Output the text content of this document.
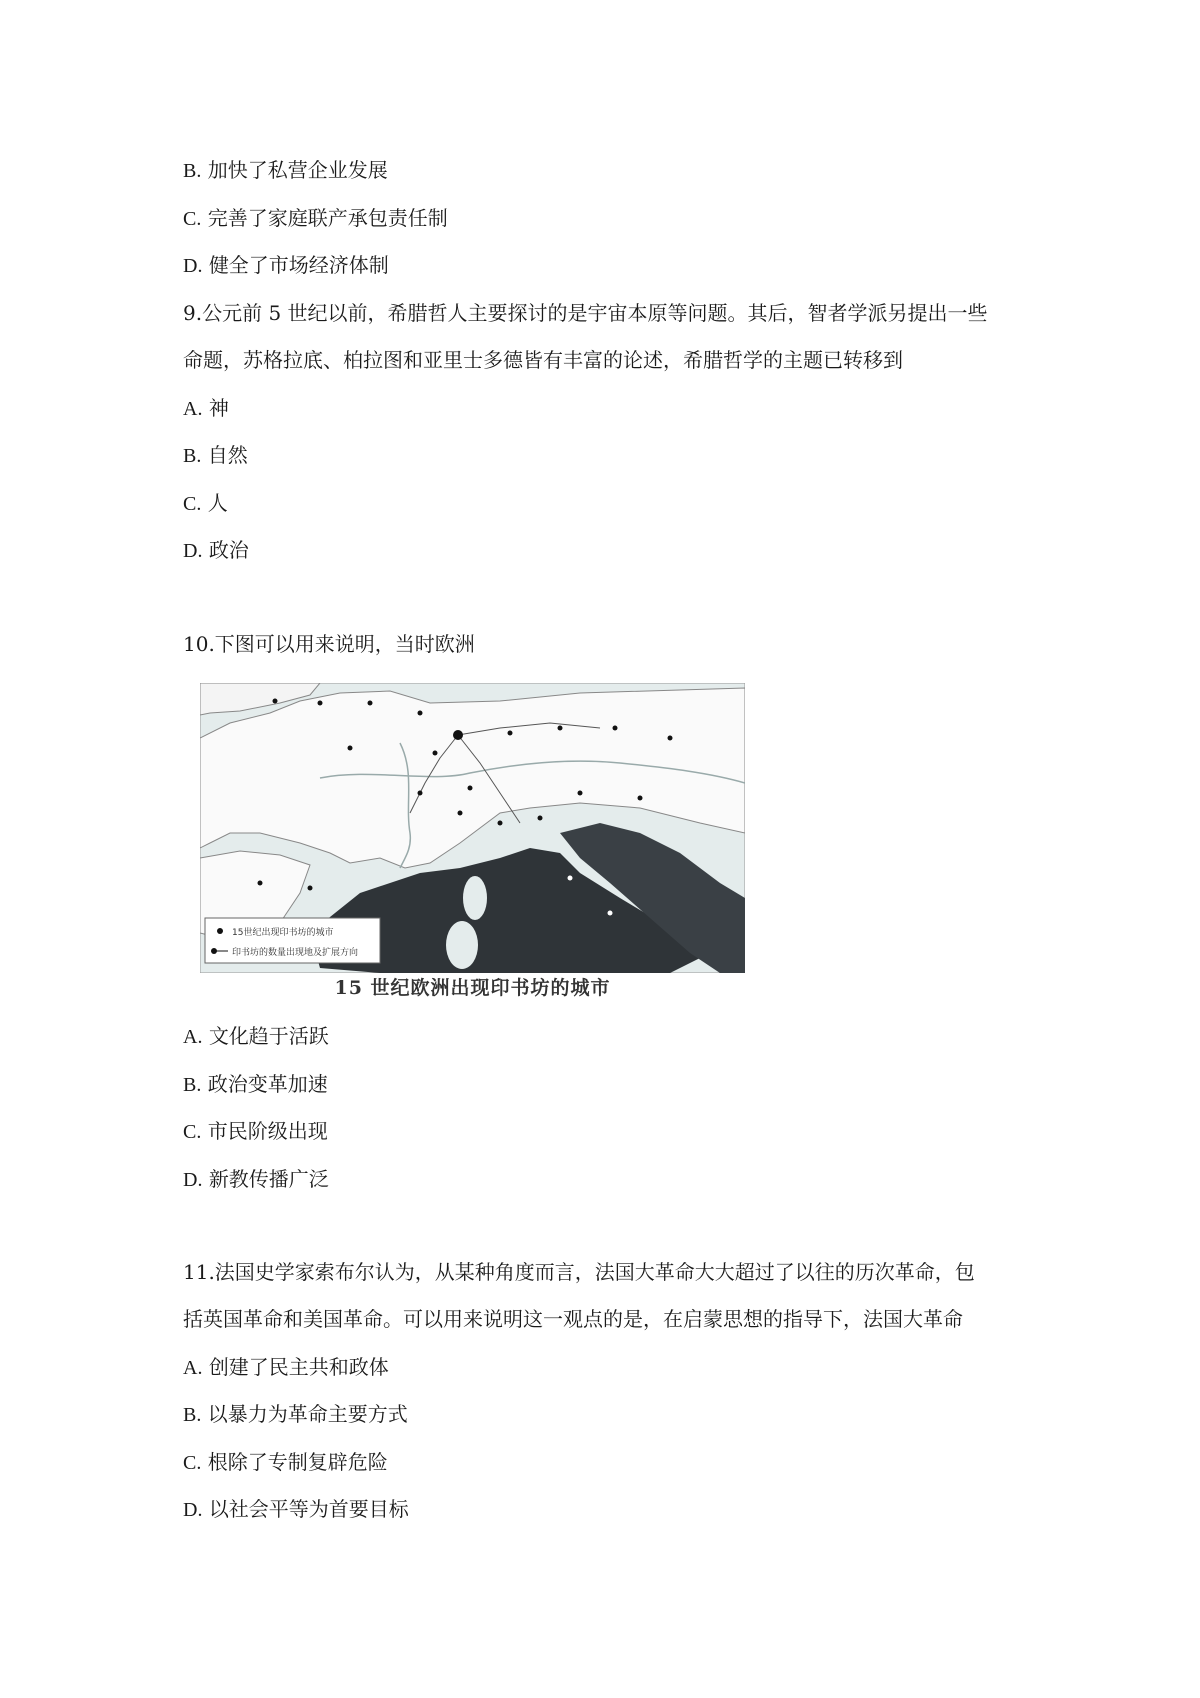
B. 加快了私营企业发展
C. 完善了家庭联产承包责任制
D. 健全了市场经济体制
9.公元前 5 世纪以前，希腊哲人主要探讨的是宇宙本原等问题。其后，智者学派另提出一些
命题，苏格拉底、柏拉图和亚里士多德皆有丰富的论述，希腊哲学的主题已转移到
A. 神
B. 自然
C. 人
D. 政治
10.下图可以用来说明，当时欧洲
15世纪出现印书坊的城市
印书坊的数量出现地及扩展方向
15 世纪欧洲出现印书坊的城市
A. 文化趋于活跃
B. 政治变革加速
C. 市民阶级出现
D. 新教传播广泛
11.法国史学家索布尔认为，从某种角度而言，法国大革命大大超过了以往的历次革命，包
括英国革命和美国革命。可以用来说明这一观点的是，在启蒙思想的指导下，法国大革命
A. 创建了民主共和政体
B. 以暴力为革命主要方式
C. 根除了专制复辟危险
D. 以社会平等为首要目标
